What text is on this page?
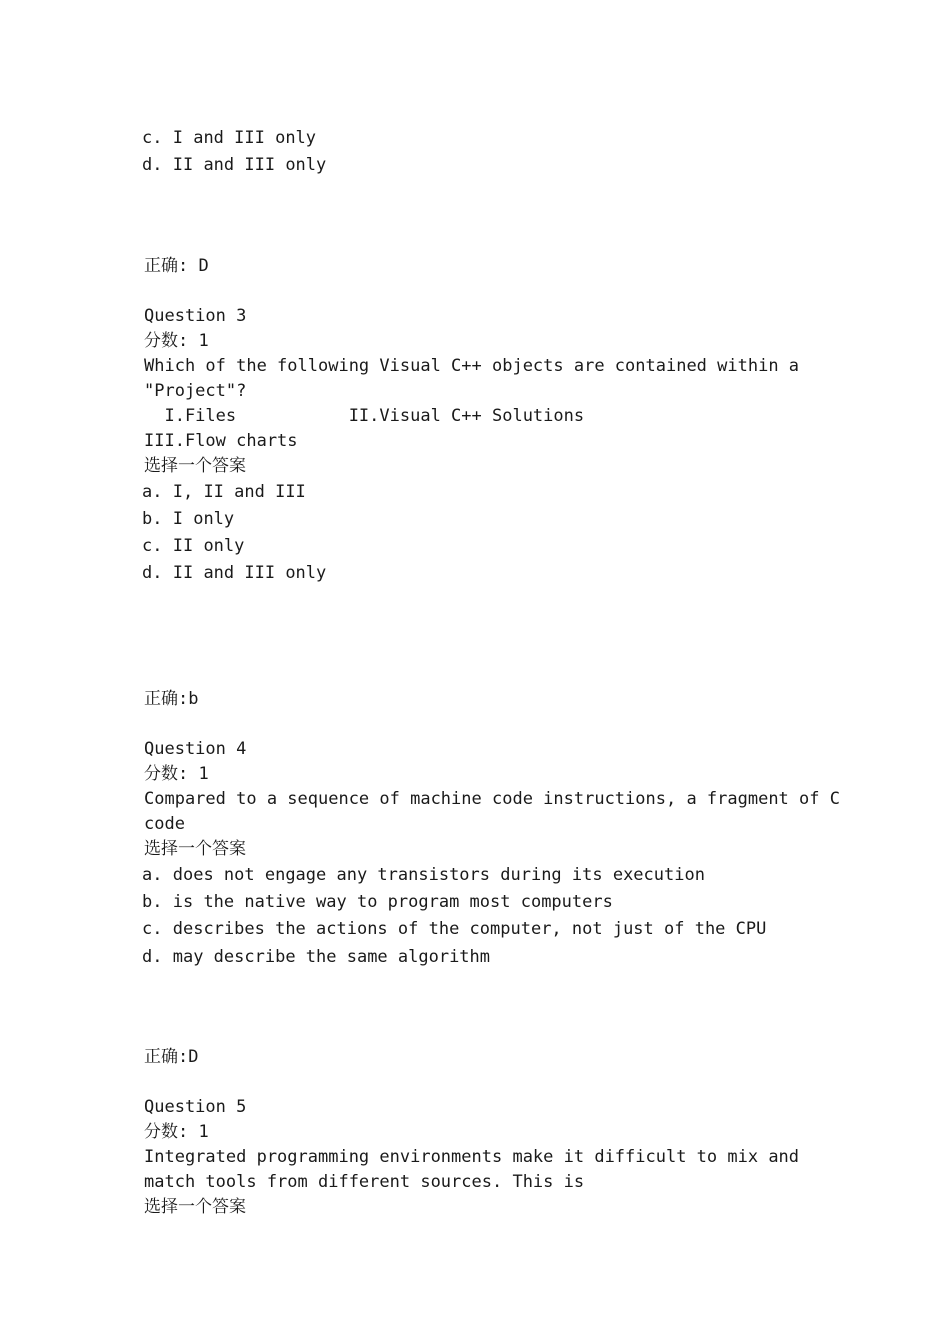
c. I and III only
d. II and III only
正确: D
Question 3
分数: 1
Which of the following Visual C++ objects are contained within a
"Project"?
I.Files           II.Visual C++ Solutions
III.Flow charts
选择一个答案
a. I, II and III
b. I only
c. II only
d. II and III only
正确:b
Question 4
分数: 1
Compared to a sequence of machine code instructions, a fragment of C
code
选择一个答案
a. does not engage any transistors during its execution
b. is the native way to program most computers
c. describes the actions of the computer, not just of the CPU
d. may describe the same algorithm
正确:D
Question 5
分数: 1
Integrated programming environments make it difficult to mix and
match tools from different sources. This is
选择一个答案
